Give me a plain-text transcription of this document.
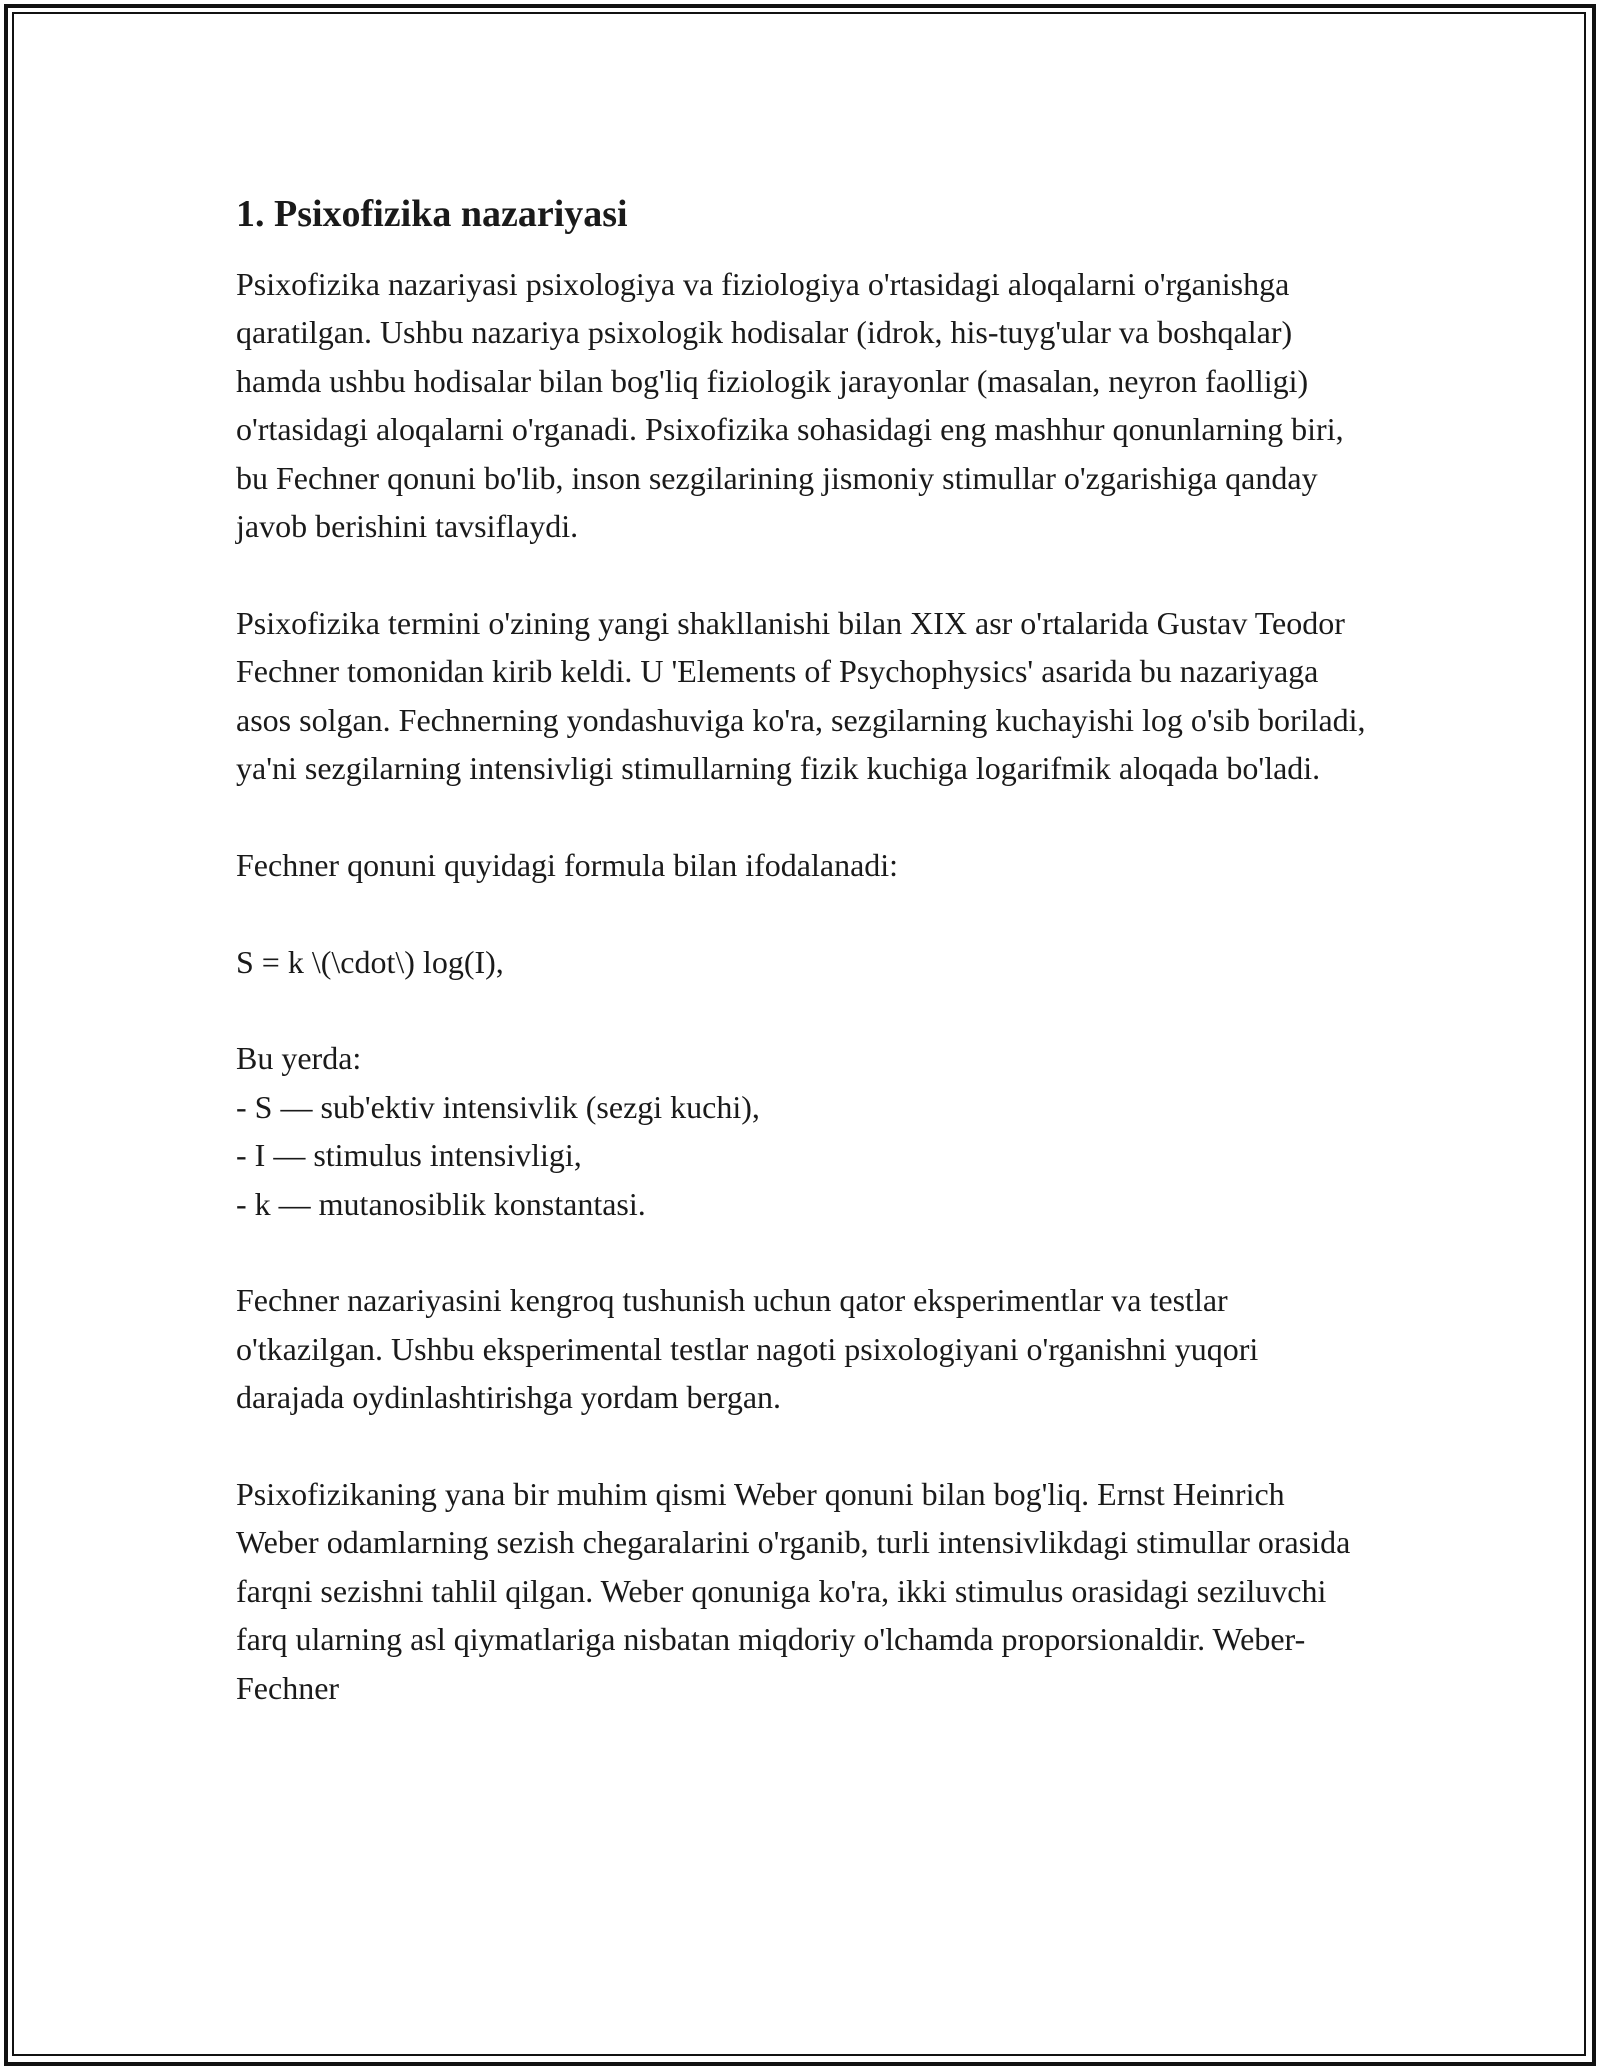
1. Psixofizika nazariyasi

Psixofizika nazariyasi psixologiya va fiziologiya o'rtasidagi aloqalarni o'rganishga qaratilgan. Ushbu nazariya psixologik hodisalar (idrok, his-tuyg'ular va boshqalar) hamda ushbu hodisalar bilan bog'liq fiziologik jarayonlar (masalan, neyron faolligi) o'rtasidagi aloqalarni o'rganadi. Psixofizika sohasidagi eng mashhur qonunlarning biri, bu Fechner qonuni bo'lib, inson sezgilarining jismoniy stimullar o'zgarishiga qanday javob berishini tavsiflaydi.

Psixofizika termini o'zining yangi shakllanishi bilan XIX asr o'rtalarida Gustav Teodor Fechner tomonidan kirib keldi. U 'Elements of Psychophysics' asarida bu nazariyaga asos solgan. Fechnerning yondashuviga ko'ra, sezgilarning kuchayishi log o'sib boriladi, ya'ni sezgilarning intensivligi stimullarning fizik kuchiga logarifmik aloqada bo'ladi.

Fechner qonuni quyidagi formula bilan ifodalanadi:

S = k \(\cdot\) log(I),

Bu yerda:
- S — sub'ektiv intensivlik (sezgi kuchi),
- I — stimulus intensivligi,
- k — mutanosiblik konstantasi.

Fechner nazariyasini kengroq tushunish uchun qator eksperimentlar va testlar o'tkazilgan. Ushbu eksperimental testlar nagoti psixologiyani o'rganishni yuqori darajada oydinlashtirishga yordam bergan.

Psixofizikaning yana bir muhim qismi Weber qonuni bilan bog'liq. Ernst Heinrich Weber odamlarning sezish chegaralarini o'rganib, turli intensivlikdagi stimullar orasida farqni sezishni tahlil qilgan. Weber qonuniga ko'ra, ikki stimulus orasidagi seziluvchi farq ularning asl qiymatlariga nisbatan miqdoriy o'lchamda proporsionaldir. Weber-Fechner
